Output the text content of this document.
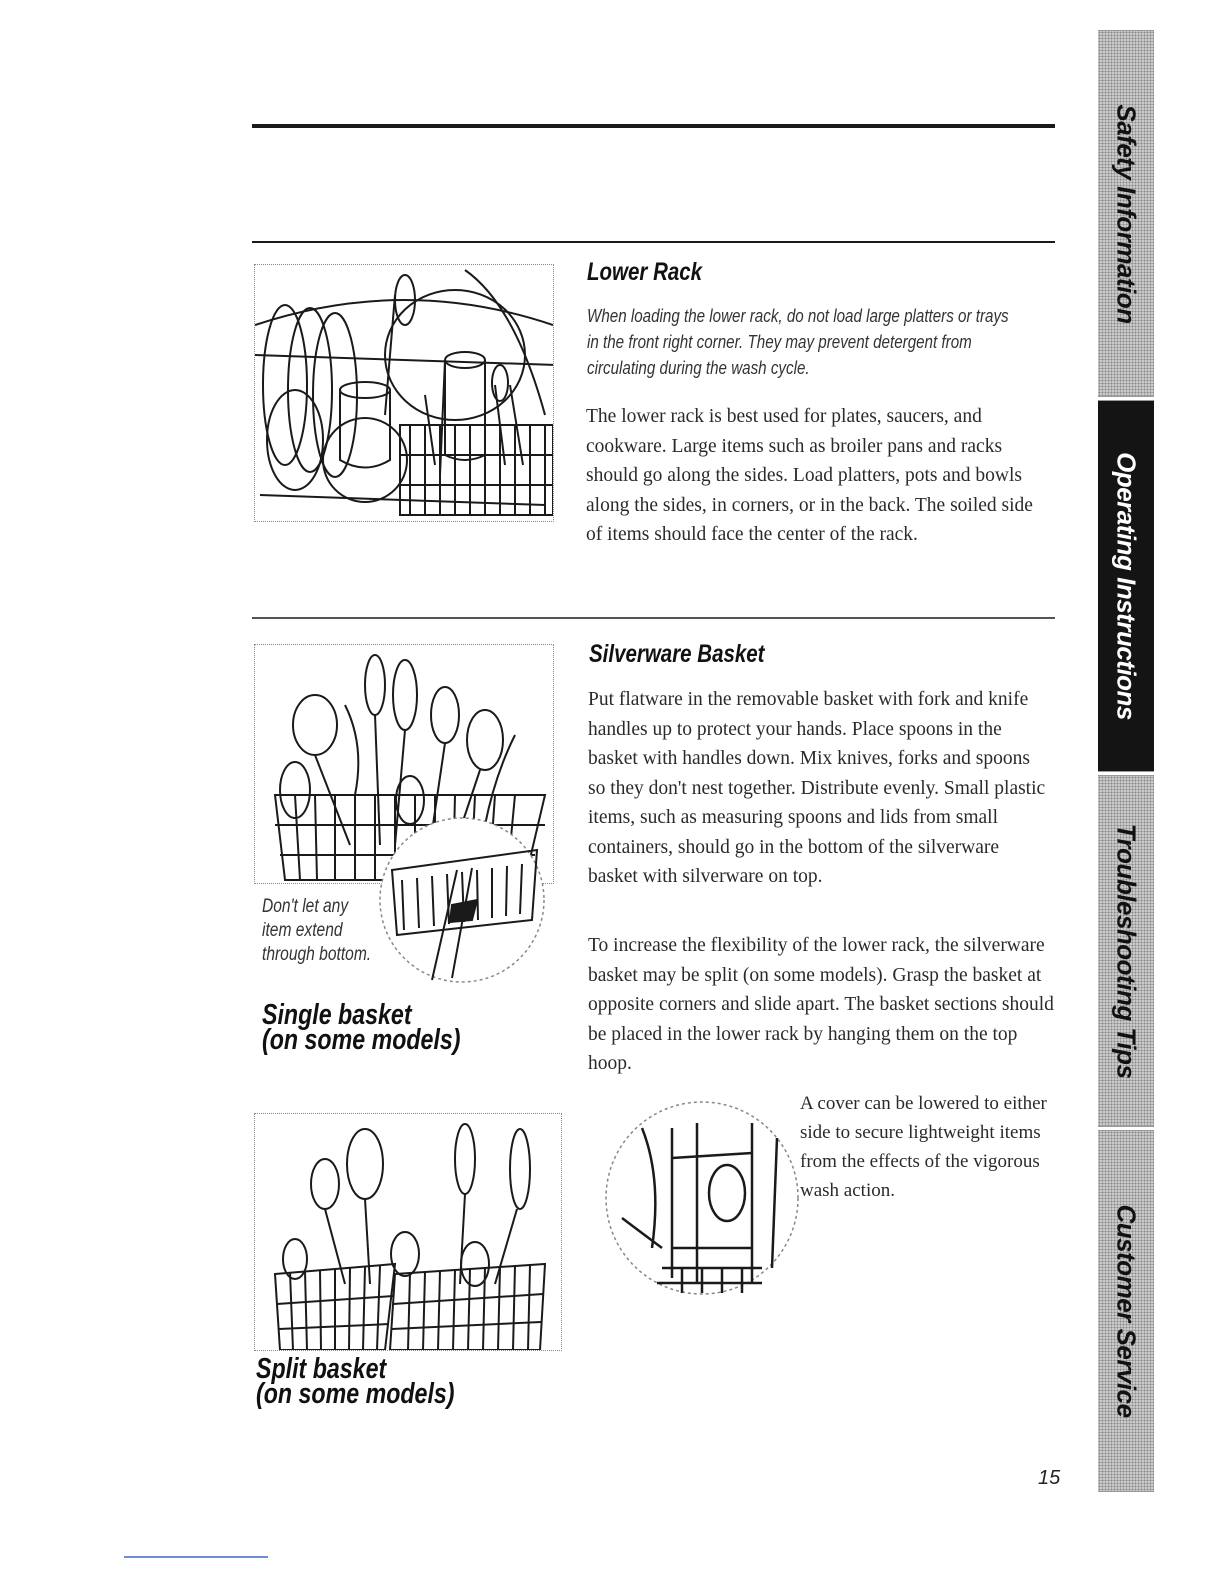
Lower Rack

When loading the lower rack, do not load large platters or trays in the front right corner. They may prevent detergent from circulating during the wash cycle.

The lower rack is best used for plates, saucers, and cookware. Large items such as broiler pans and racks should go along the sides. Load platters, pots and bowls along the sides, in corners, or in the back. The soiled side of items should face the center of the rack.

Don't let any
item extend
through bottom.
Single basket
(on some models)
Silverware Basket

Put flatware in the removable basket with fork and knife handles up to protect your hands. Place spoons in the basket with handles down. Mix knives, forks and spoons so they don't nest together. Distribute evenly. Small plastic items, such as measuring spoons and lids from small containers, should go in the bottom of the silverware basket with silverware on top.

To increase the flexibility of the lower rack, the silverware basket may be split (on some models). Grasp the basket at opposite corners and slide apart. The basket sections should be placed in the lower rack by hanging them on the top hoop.

Split basket
(on some models)

A cover can be lowered to either side to secure lightweight items from the effects of the vigorous wash action.

Safety Information
Operating Instructions
Troubleshooting Tips
Customer Service
15
